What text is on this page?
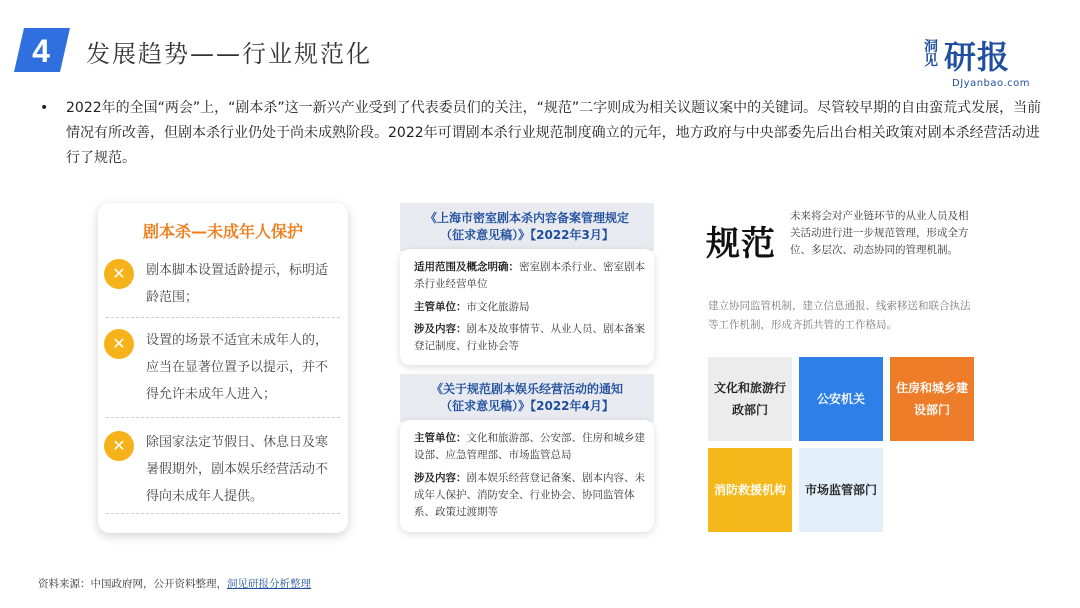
4 发展趋势——行业规范化	洞见 研报
DJyanbao.com
•	2022年的全国“两会”上，“剧本杀”这一新兴产业受到了代表委员们的关注，“规范”二字则成为相关议题议案中的关键词。尽管较早期的自由蛮荒式发展，当前情况有所改善，但剧本杀行业仍处于尚未成熟阶段。2022年可谓剧本杀行业规范制度确立的元年，地方政府与中央部委先后出台相关政策对剧本杀经营活动进行了规范。
剧本杀—未成年人保护
✕	剧本脚本设置适龄提示，标明适龄范围；
✕	设置的场景不适宜未成年人的，应当在显著位置予以提示，并不得允许未成年人进入；
✕	除国家法定节假日、休息日及寒暑假期外，剧本娱乐经营活动不得向未成年人提供。
《上海市密室剧本杀内容备案管理规定
（征求意见稿）》【2022年3月】
适用范围及概念明确：密室剧本杀行业、密室剧本杀行业经营单位
主管单位：市文化旅游局
涉及内容：剧本及故事情节、从业人员、剧本备案登记制度、行业协会等
《关于规范剧本娱乐经营活动的通知
（征求意见稿）》【2022年4月】
主管单位：文化和旅游部、公安部、住房和城乡建设部、应急管理部、市场监管总局
涉及内容：剧本娱乐经营登记备案、剧本内容、未成年人保护、消防安全、行业协会、协同监管体系、政策过渡期等
规范
未来将会对产业链环节的从业人员及相关活动进行进一步规范管理，形成全方位、多层次、动态协同的管理机制。
建立协同监管机制，建立信息通报、线索移送和联合执法等工作机制，形成齐抓共管的工作格局。
文化和旅游行政部门
公安机关
住房和城乡建设部门
消防救援机构 市场监管部门
资料来源：中国政府网，公开资料整理，洞见研报分析整理
